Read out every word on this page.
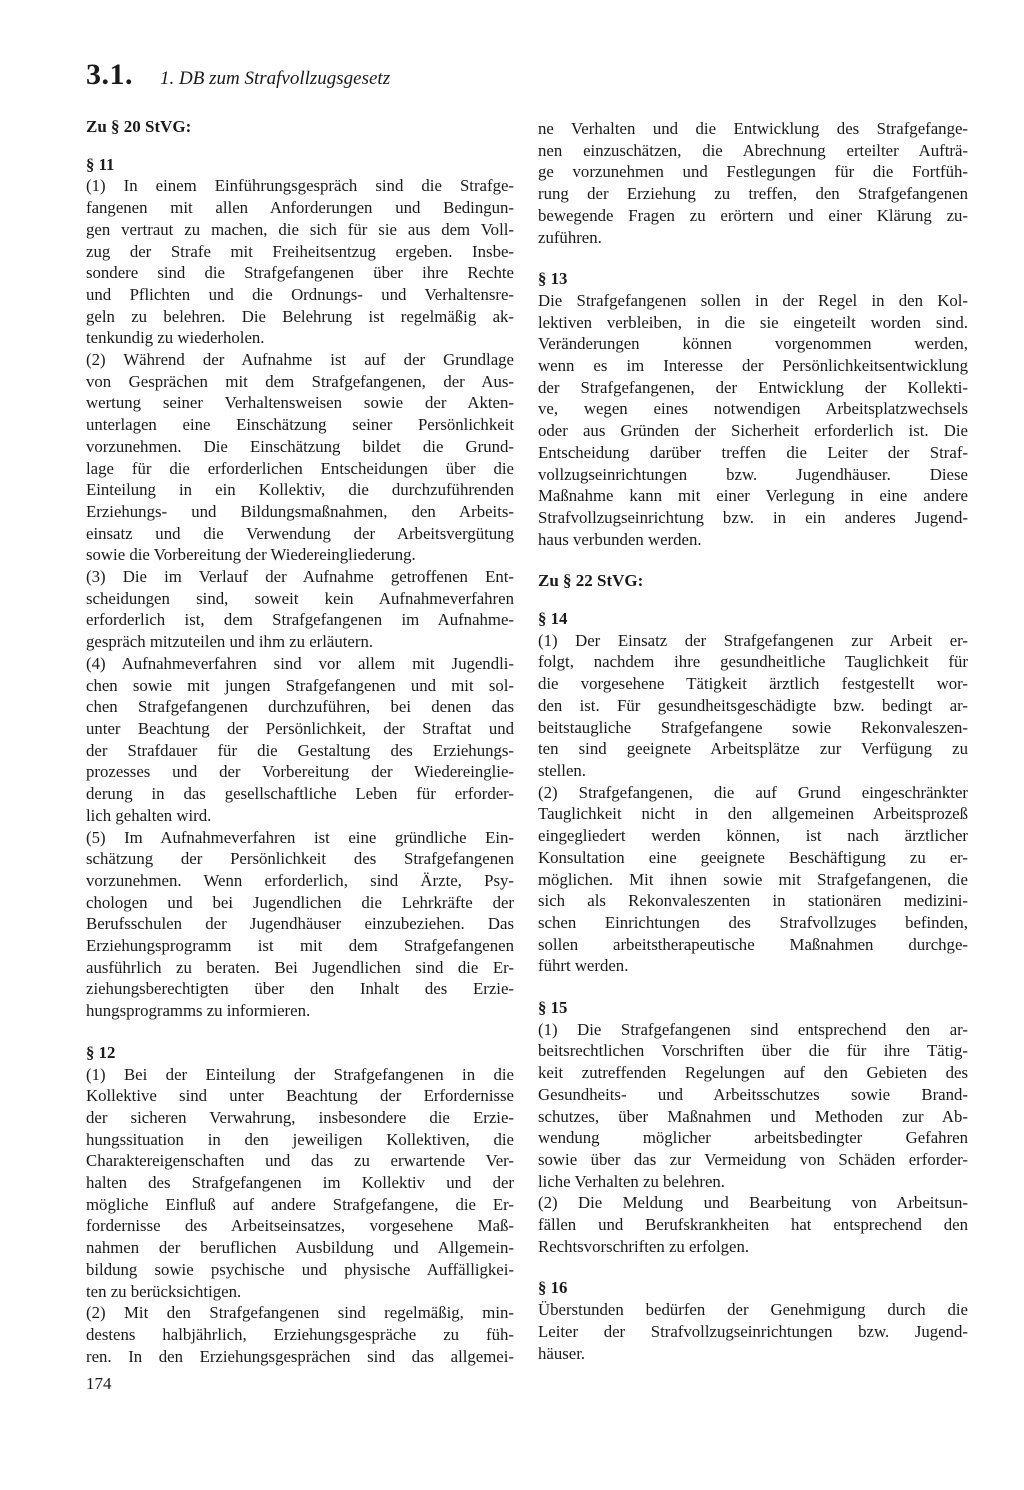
3.1. 1. DB zum Strafvollzugsgesetz
Zu § 20 StVG:
§ 11
(1) In einem Einführungsgespräch sind die Strafge-
fangenen mit allen Anforderungen und Bedingun-
gen vertraut zu machen, die sich für sie aus dem Voll-
zug der Strafe mit Freiheitsentzug ergeben. Insbe-
sondere sind die Strafgefangenen über ihre Rechte
und Pflichten und die Ordnungs- und Verhaltensre-
geln zu belehren. Die Belehrung ist regelmäßig ak-
tenkundig zu wiederholen.
(2) Während der Aufnahme ist auf der Grundlage
von Gesprächen mit dem Strafgefangenen, der Aus-
wertung seiner Verhaltensweisen sowie der Akten-
unterlagen eine Einschätzung seiner Persönlichkeit
vorzunehmen. Die Einschätzung bildet die Grund-
lage für die erforderlichen Entscheidungen über die
Einteilung in ein Kollektiv, die durchzuführenden
Erziehungs- und Bildungsmaßnahmen, den Arbeits-
einsatz und die Verwendung der Arbeitsvergütung
sowie die Vorbereitung der Wiedereingliederung.
(3) Die im Verlauf der Aufnahme getroffenen Ent-
scheidungen sind, soweit kein Aufnahmeverfahren
erforderlich ist, dem Strafgefangenen im Aufnahme-
gespräch mitzuteilen und ihm zu erläutern.
(4) Aufnahmeverfahren sind vor allem mit Jugendli-
chen sowie mit jungen Strafgefangenen und mit sol-
chen Strafgefangenen durchzuführen, bei denen das
unter Beachtung der Persönlichkeit, der Straftat und
der Strafdauer für die Gestaltung des Erziehungs-
prozesses und der Vorbereitung der Wiedereinglie-
derung in das gesellschaftliche Leben für erforder-
lich gehalten wird.
(5) Im Aufnahmeverfahren ist eine gründliche Ein-
schätzung der Persönlichkeit des Strafgefangenen
vorzunehmen. Wenn erforderlich, sind Ärzte, Psy-
chologen und bei Jugendlichen die Lehrkräfte der
Berufsschulen der Jugendhäuser einzubeziehen. Das
Erziehungsprogramm ist mit dem Strafgefangenen
ausführlich zu beraten. Bei Jugendlichen sind die Er-
ziehungsberechtigten über den Inhalt des Erzie-
hungsprogramms zu informieren.
§ 12
(1) Bei der Einteilung der Strafgefangenen in die
Kollektive sind unter Beachtung der Erfordernisse
der sicheren Verwahrung, insbesondere die Erzie-
hungssituation in den jeweiligen Kollektiven, die
Charaktereigenschaften und das zu erwartende Ver-
halten des Strafgefangenen im Kollektiv und der
mögliche Einfluß auf andere Strafgefangene, die Er-
fordernisse des Arbeitseinsatzes, vorgesehene Maß-
nahmen der beruflichen Ausbildung und Allgemein-
bildung sowie psychische und physische Auffälligkei-
ten zu berücksichtigen.
(2) Mit den Strafgefangenen sind regelmäßig, min-
destens halbjährlich, Erziehungsgespräche zu füh-
ren. In den Erziehungsgesprächen sind das allgemei-
ne Verhalten und die Entwicklung des Strafgefange-
nen einzuschätzen, die Abrechnung erteilter Aufträ-
ge vorzunehmen und Festlegungen für die Fortfüh-
rung der Erziehung zu treffen, den Strafgefangenen
bewegende Fragen zu erörtern und einer Klärung zu-
zuführen.
§ 13
Die Strafgefangenen sollen in der Regel in den Kol-
lektiven verbleiben, in die sie eingeteilt worden sind.
Veränderungen können vorgenommen werden,
wenn es im Interesse der Persönlichkeitsentwicklung
der Strafgefangenen, der Entwicklung der Kollekti-
ve, wegen eines notwendigen Arbeitsplatzwechsels
oder aus Gründen der Sicherheit erforderlich ist. Die
Entscheidung darüber treffen die Leiter der Straf-
vollzugseinrichtungen bzw. Jugendhäuser. Diese
Maßnahme kann mit einer Verlegung in eine andere
Strafvollzugseinrichtung bzw. in ein anderes Jugend-
haus verbunden werden.
Zu § 22 StVG:
§ 14
(1) Der Einsatz der Strafgefangenen zur Arbeit er-
folgt, nachdem ihre gesundheitliche Tauglichkeit für
die vorgesehene Tätigkeit ärztlich festgestellt wor-
den ist. Für gesundheitsgeschädigte bzw. bedingt ar-
beitstaugliche Strafgefangene sowie Rekonvaleszen-
ten sind geeignete Arbeitsplätze zur Verfügung zu
stellen.
(2) Strafgefangenen, die auf Grund eingeschränkter
Tauglichkeit nicht in den allgemeinen Arbeitsprozeß
eingegliedert werden können, ist nach ärztlicher
Konsultation eine geeignete Beschäftigung zu er-
möglichen. Mit ihnen sowie mit Strafgefangenen, die
sich als Rekonvaleszenten in stationären medizini-
schen Einrichtungen des Strafvollzuges befinden,
sollen arbeitstherapeutische Maßnahmen durchge-
führt werden.
§ 15
(1) Die Strafgefangenen sind entsprechend den ar-
beitsrechtlichen Vorschriften über die für ihre Tätig-
keit zutreffenden Regelungen auf den Gebieten des
Gesundheits- und Arbeitsschutzes sowie Brand-
schutzes, über Maßnahmen und Methoden zur Ab-
wendung möglicher arbeitsbedingter Gefahren
sowie über das zur Vermeidung von Schäden erforder-
liche Verhalten zu belehren.
(2) Die Meldung und Bearbeitung von Arbeitsun-
fällen und Berufskrankheiten hat entsprechend den
Rechtsvorschriften zu erfolgen.
§ 16
Überstunden bedürfen der Genehmigung durch die
Leiter der Strafvollzugseinrichtungen bzw. Jugend-
häuser.
174
